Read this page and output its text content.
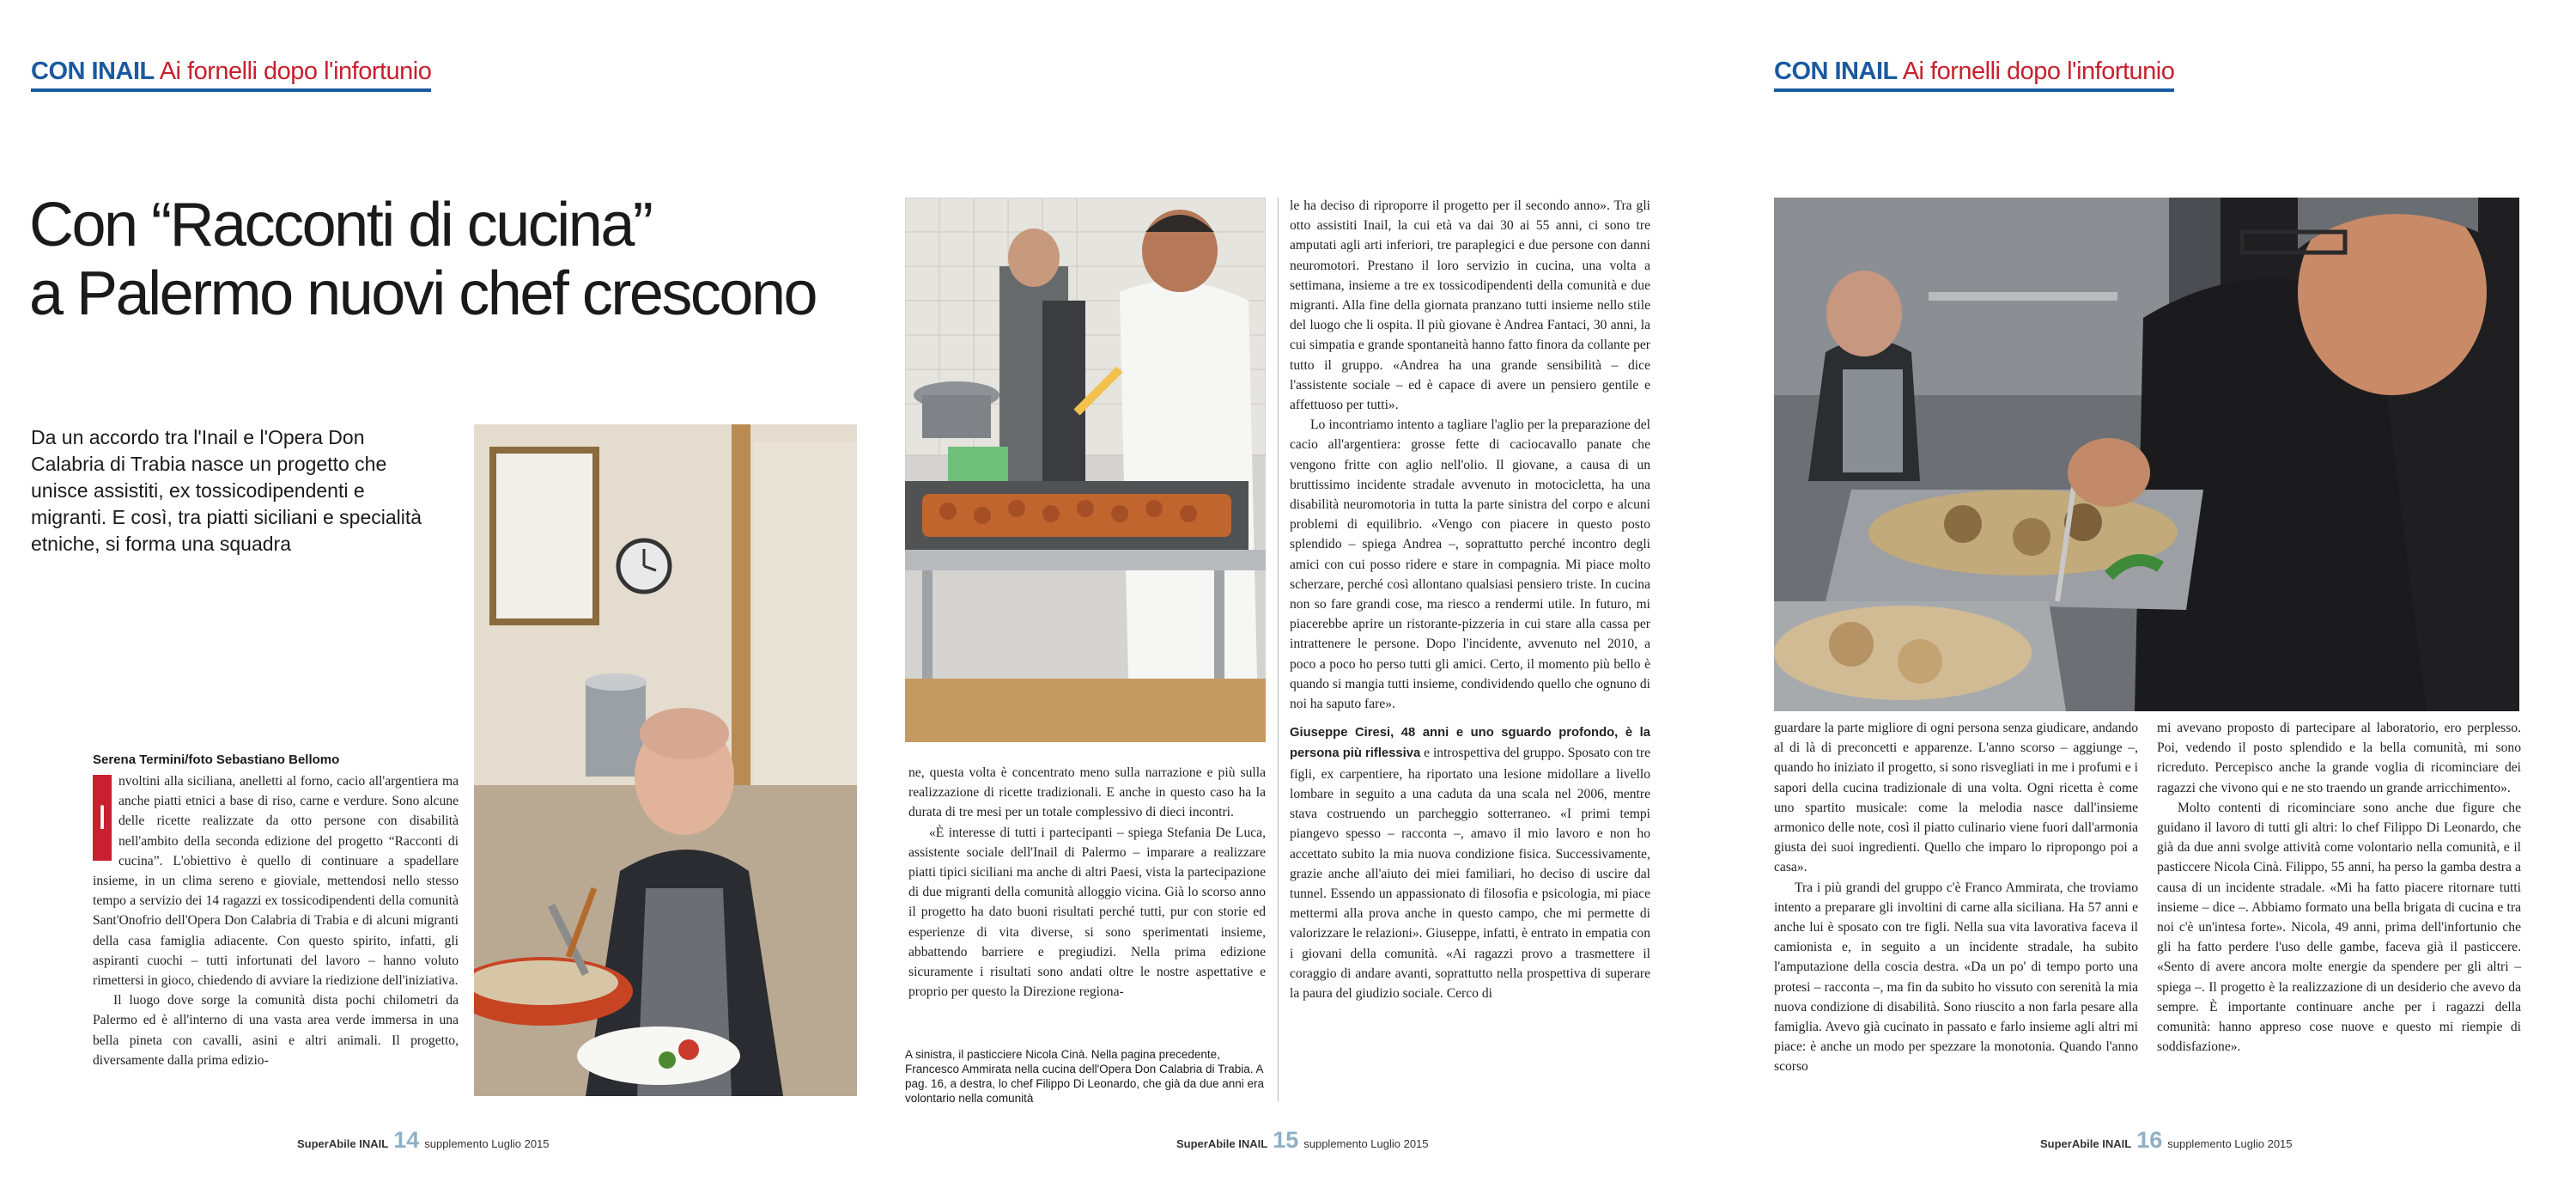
CON INAIL Ai fornelli dopo l'infortunio
Con “Racconti di cucina”
a Palermo nuovi chef crescono

Da un accordo tra l'Inail e l'Opera Don Calabria di Trabia nasce un progetto che unisce assistiti, ex tossicodipendenti e migranti. E così, tra piatti siciliani e specialità etniche, si forma una squadra

Serena Termini/foto Sebastiano Bellomo

I
nvoltini alla siciliana, anelletti al forno, cacio all'argentiera ma anche piatti etnici a base di riso, carne e verdure. Sono alcune delle ricette realizzate da otto persone con disabilità nell'ambito della seconda edizione del progetto “Racconti di cucina”. L'obiettivo è quello di continuare a spadellare insieme, in un clima sereno e gioviale, mettendosi nello stesso tempo a servizio dei 14 ragazzi ex tossicodipendenti della comunità Sant'Onofrio dell'Opera Don Calabria di Trabia e di alcuni migranti della casa famiglia adiacente. Con questo spirito, infatti, gli aspiranti cuochi – tutti infortunati del lavoro – hanno voluto rimettersi in gioco, chiedendo di avviare la riedizione dell'iniziativa.

Il luogo dove sorge la comunità dista pochi chilometri da Palermo ed è all'interno di una vasta area verde immersa in una bella pineta con cavalli, asini e altri animali. Il progetto, diversamente dalla prima edizio-

SuperAbile INAIL 14 supplemento Luglio 2015

ne, questa volta è concentrato meno sulla narrazione e più sulla realizzazione di ricette tradizionali. E anche in questo caso ha la durata di tre mesi per un totale complessivo di dieci incontri.

«È interesse di tutti i partecipanti – spiega Stefania De Luca, assistente sociale dell'Inail di Palermo – imparare a realizzare piatti tipici siciliani ma anche di altri Paesi, vista la partecipazione di due migranti della comunità alloggio vicina. Già lo scorso anno il progetto ha dato buoni risultati perché tutti, pur con storie ed esperienze di vita diverse, si sono sperimentati insieme, abbattendo barriere e pregiudizi. Nella prima edizione sicuramente i risultati sono andati oltre le nostre aspettative e proprio per questo la Direzione regiona-

A sinistra, il pasticciere Nicola Cinà. Nella pagina precedente, Francesco Ammirata nella cucina dell'Opera Don Calabria di Trabia. A pag. 16, a destra, lo chef Filippo Di Leonardo, che già da due anni era volontario nella comunità

le ha deciso di riproporre il progetto per il secondo anno». Tra gli otto assistiti Inail, la cui età va dai 30 ai 55 anni, ci sono tre amputati agli arti inferiori, tre paraplegici e due persone con danni neuromotori. Prestano il loro servizio in cucina, una volta a settimana, insieme a tre ex tossicodipendenti della comunità e due migranti. Alla fine della giornata pranzano tutti insieme nello stile del luogo che li ospita. Il più giovane è Andrea Fantaci, 30 anni, la cui simpatia e grande spontaneità hanno fatto finora da collante per tutto il gruppo. «Andrea ha una grande sensibilità – dice l'assistente sociale – ed è capace di avere un pensiero gentile e affettuoso per tutti».

Lo incontriamo intento a tagliare l'aglio per la preparazione del cacio all'argentiera: grosse fette di caciocavallo panate che vengono fritte con aglio nell'olio. Il giovane, a causa di un bruttissimo incidente stradale avvenuto in motocicletta, ha una disabilità neuromotoria in tutta la parte sinistra del corpo e alcuni problemi di equilibrio. «Vengo con piacere in questo posto splendido – spiega Andrea –, soprattutto perché incontro degli amici con cui posso ridere e stare in compagnia. Mi piace molto scherzare, perché così allontano qualsiasi pensiero triste. In cucina non so fare grandi cose, ma riesco a rendermi utile. In futuro, mi piacerebbe aprire un ristorante-pizzeria in cui stare alla cassa per intrattenere le persone. Dopo l'incidente, avvenuto nel 2010, a poco a poco ho perso tutti gli amici. Certo, il momento più bello è quando si mangia tutti insieme, condividendo quello che ognuno di noi ha saputo fare».

Giuseppe Ciresi, 48 anni e uno sguardo profondo, è la persona più riflessiva e introspettiva del gruppo. Sposato con tre figli, ex carpentiere, ha riportato una lesione midollare a livello lombare in seguito a una caduta da una scala nel 2006, mentre stava costruendo un parcheggio sotterraneo. «I primi tempi piangevo spesso – racconta –, amavo il mio lavoro e non ho accettato subito la mia nuova condizione fisica. Successivamente, grazie anche all'aiuto dei miei familiari, ho deciso di uscire dal tunnel. Essendo un appassionato di filosofia e psicologia, mi piace mettermi alla prova anche in questo campo, che mi permette di valorizzare le relazioni». Giuseppe, infatti, è entrato in empatia con i giovani della comunità. «Ai ragazzi provo a trasmettere il coraggio di andare avanti, soprattutto nella prospettiva di superare la paura del giudizio sociale. Cerco di

SuperAbile INAIL 15 supplemento Luglio 2015
CON INAIL Ai fornelli dopo l'infortunio

guardare la parte migliore di ogni persona senza giudicare, andando al di là di preconcetti e apparenze. L'anno scorso – aggiunge –, quando ho iniziato il progetto, si sono risvegliati in me i profumi e i sapori della cucina tradizionale di una volta. Ogni ricetta è come uno spartito musicale: come la melodia nasce dall'insieme armonico delle note, così il piatto culinario viene fuori dall'armonia giusta dei suoi ingredienti. Quello che imparo lo ripropongo poi a casa».

Tra i più grandi del gruppo c'è Franco Ammirata, che troviamo intento a preparare gli involtini di carne alla siciliana. Ha 57 anni e anche lui è sposato con tre figli. Nella sua vita lavorativa faceva il camionista e, in seguito a un incidente stradale, ha subito l'amputazione della coscia destra. «Da un po' di tempo porto una protesi – racconta –, ma fin da subito ho vissuto con serenità la mia nuova condizione di disabilità. Sono riuscito a non farla pesare alla famiglia. Avevo già cucinato in passato e farlo insieme agli altri mi piace: è anche un modo per spezzare la monotonia. Quando l'anno scorso

mi avevano proposto di partecipare al laboratorio, ero perplesso. Poi, vedendo il posto splendido e la bella comunità, mi sono ricreduto. Percepisco anche la grande voglia di ricominciare dei ragazzi che vivono qui e ne sto traendo un grande arricchimento».

Molto contenti di ricominciare sono anche due figure che guidano il lavoro di tutti gli altri: lo chef Filippo Di Leonardo, che già da due anni svolge attività come volontario nella comunità, e il pasticcere Nicola Cinà. Filippo, 55 anni, ha perso la gamba destra a causa di un incidente stradale. «Mi ha fatto piacere ritornare tutti insieme – dice –. Abbiamo formato una bella brigata di cucina e tra noi c'è un'intesa forte». Nicola, 49 anni, prima dell'infortunio che gli ha fatto perdere l'uso delle gambe, faceva già il pasticcere. «Sento di avere ancora molte energie da spendere per gli altri – spiega –. Il progetto è la realizzazione di un desiderio che avevo da sempre. È importante continuare anche per i ragazzi della comunità: hanno appreso cose nuove e questo mi riempie di soddisfazione».

SuperAbile INAIL 16 supplemento Luglio 2015
